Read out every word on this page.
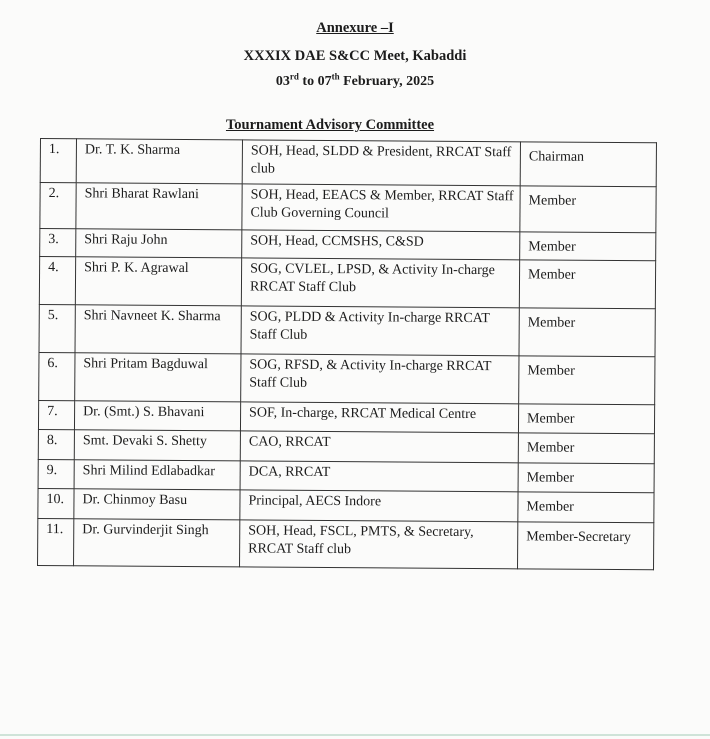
Annexure –I
XXXIX DAE S&CC Meet, Kabaddi
03rd to 07th February, 2025
Tournament Advisory Committee
1.	Dr. T. K. Sharma	SOH, Head, SLDD & President, RRCAT Staff club	Chairman
2.	Shri Bharat Rawlani	SOH, Head, EEACS & Member, RRCAT Staff Club Governing Council	Member
3.	Shri Raju John	SOH, Head, CCMSHS, C&SD	Member
4.	Shri P. K. Agrawal	SOG, CVLEL, LPSD, & Activity In-charge RRCAT Staff Club	Member
5.	Shri Navneet K. Sharma	SOG, PLDD & Activity In-charge RRCAT Staff Club	Member
6.	Shri Pritam Bagduwal	SOG, RFSD, & Activity In-charge RRCAT Staff Club	Member
7.	Dr. (Smt.) S. Bhavani	SOF, In-charge, RRCAT Medical Centre	Member
8.	Smt. Devaki S. Shetty	CAO, RRCAT	Member
9.	Shri Milind Edlabadkar	DCA, RRCAT	Member
10.	Dr. Chinmoy Basu	Principal, AECS Indore	Member
11.	Dr. Gurvinderjit Singh	SOH, Head, FSCL, PMTS, & Secretary, RRCAT Staff club	Member-Secretary
